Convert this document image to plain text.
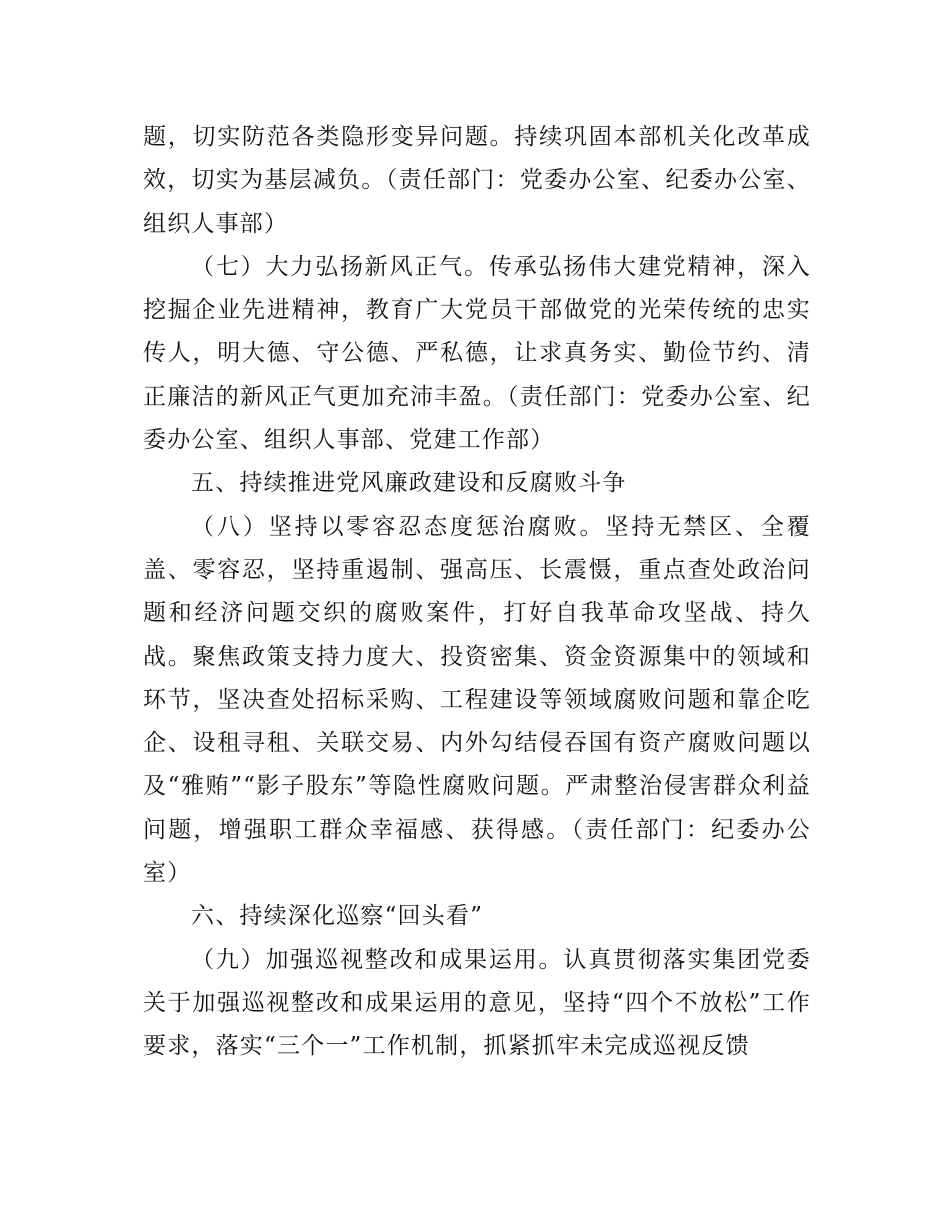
题，切实防范各类隐形变异问题。持续巩固本部机关化改革成效，切实为基层减负。（责任部门：党委办公室、纪委办公室、组织人事部）

（七）大力弘扬新风正气。传承弘扬伟大建党精神，深入挖掘企业先进精神，教育广大党员干部做党的光荣传统的忠实传人，明大德、守公德、严私德，让求真务实、勤俭节约、清正廉洁的新风正气更加充沛丰盈。（责任部门：党委办公室、纪委办公室、组织人事部、党建工作部）

五、持续推进党风廉政建设和反腐败斗争

（八）坚持以零容忍态度惩治腐败。坚持无禁区、全覆盖、零容忍，坚持重遏制、强高压、长震慑，重点查处政治问题和经济问题交织的腐败案件，打好自我革命攻坚战、持久战。聚焦政策支持力度大、投资密集、资金资源集中的领域和环节，坚决查处招标采购、工程建设等领域腐败问题和靠企吃企、设租寻租、关联交易、内外勾结侵吞国有资产腐败问题以及“雅贿”“影子股东”等隐性腐败问题。严肃整治侵害群众利益问题，增强职工群众幸福感、获得感。（责任部门：纪委办公室）

六、持续深化巡察“回头看”

（九）加强巡视整改和成果运用。认真贯彻落实集团党委关于加强巡视整改和成果运用的意见，坚持“四个不放松”工作要求，落实“三个一”工作机制，抓紧抓牢未完成巡视反馈
